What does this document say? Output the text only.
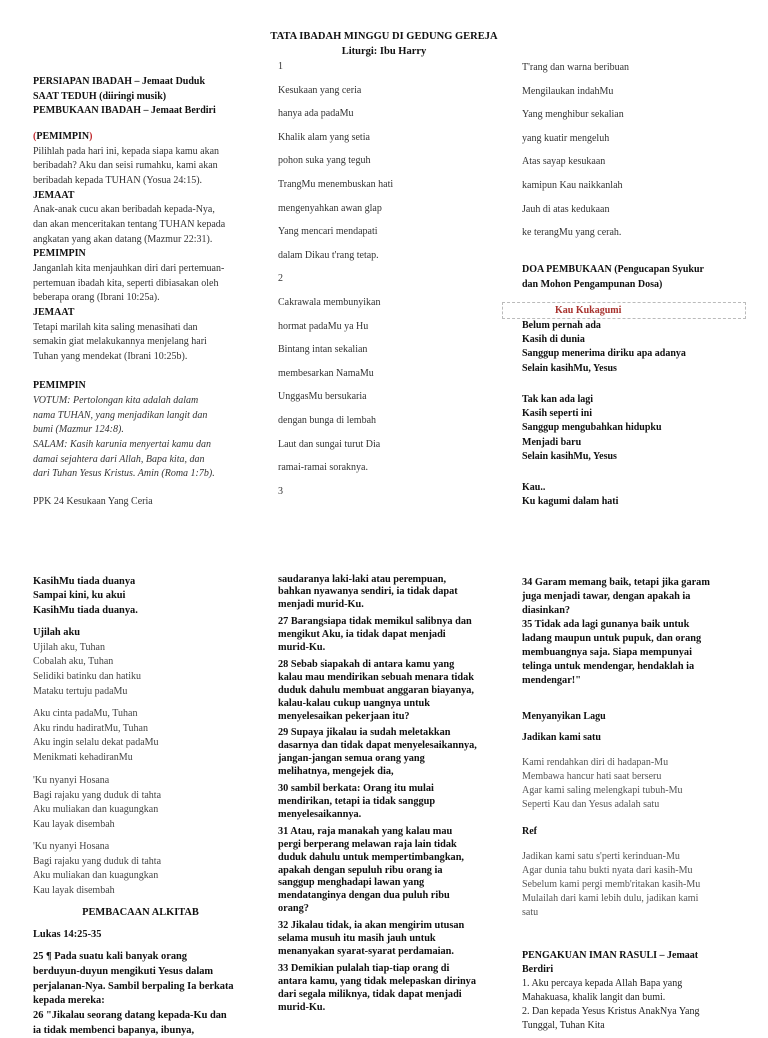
TATA IBADAH MINGGU DI GEDUNG GEREJA
Liturgi: Ibu Harry
PERSIAPAN IBADAH – Jemaat Duduk
SAAT TEDUH (diiringi musik)
PEMBUKAAN IBADAH – Jemaat Berdiri
(PEMIMPIN)
Pilihlah pada hari ini, kepada siapa kamu akan
beribadah? Aku dan seisi rumahku, kami akan
beribadah kepada TUHAN (Yosua 24:15).
JEMAAT
Anak-anak cucu akan beribadah kepada-Nya,
dan akan menceritakan tentang TUHAN kepada
angkatan yang akan datang (Mazmur 22:31).
PEMIMPIN
Janganlah kita menjauhkan diri dari pertemuan-
pertemuan ibadah kita, seperti dibiasakan oleh
beberapa orang (Ibrani 10:25a).
JEMAAT
Tetapi marilah kita saling menasihati dan
semakin giat melakukannya menjelang hari
Tuhan yang mendekat (Ibrani 10:25b).
PEMIMPIN
VOTUM: Pertolongan kita adalah dalam
nama TUHAN, yang menjadikan langit dan
bumi (Mazmur 124:8).
SALAM: Kasih karunia menyertai kamu dan
damai sejahtera dari Allah, Bapa kita, dan
dari Tuhan Yesus Kristus. Amin (Roma 1:7b).
PPK 24 Kesukaan Yang Ceria
1
Kesukaan yang ceria
hanya ada padaMu
Khalik alam yang setia
pohon suka yang teguh
TrangMu menembuskan hati
mengenyahkan awan glap
Yang mencari mendapati
dalam Dikau t'rang tetap.
2
Cakrawala membunyikan
hormat padaMu ya Hu
Bintang intan sekalian
membesarkan NamaMu
UnggasMu bersukaria
dengan bunga di lembah
Laut dan sungai turut Dia
ramai-ramai soraknya.
3
T'rang dan warna beribuan
Mengilaukan indahMu
Yang menghibur sekalian
yang kuatir mengeluh
Atas sayap kesukaan
kamipun Kau naikkanlah
Jauh di atas kedukaan
ke terangMu yang cerah.
DOA PEMBUKAAN (Pengucapan Syukur
dan Mohon Pengampunan Dosa)
Kau Kukagumi
Belum pernah ada
Kasih di dunia
Sanggup menerima diriku apa adanya
Selain kasihMu, Yesus
Tak kan ada lagi
Kasih seperti ini
Sanggup mengubahkan hidupku
Menjadi baru
Selain kasihMu, Yesus
Kau..
Ku kagumi dalam hati
KasihMu tiada duanya
Sampai kini, ku akui
KasihMu tiada duanya.
Ujilah aku
Ujilah aku, Tuhan
Cobalah aku, Tuhan
Selidiki batinku dan hatiku
Mataku tertuju padaMu
Aku cinta padaMu, Tuhan
Aku rindu hadiratMu, Tuhan
Aku ingin selalu dekat padaMu
Menikmati kehadiranMu
'Ku nyanyi Hosana
Bagi rajaku yang duduk di tahta
Aku muliakan dan kuagungkan
Kau layak disembah
'Ku nyanyi Hosana
Bagi rajaku yang duduk di tahta
Aku muliakan dan kuagungkan
Kau layak disembah
PEMBACAAN ALKITAB
Lukas 14:25-35
25 ¶ Pada suatu kali banyak orang
berduyun-duyun mengikuti Yesus dalam
perjalanan-Nya. Sambil berpaling Ia berkata
kepada mereka:
26 "Jikalau seorang datang kepada-Ku dan
ia tidak membenci bapanya, ibunya,
saudaranya laki-laki atau perempuan,
bahkan nyawanya sendiri, ia tidak dapat
menjadi murid-Ku.
27 Barangsiapa tidak memikul salibnya dan
mengikut Aku, ia tidak dapat menjadi
murid-Ku.
28 Sebab siapakah di antara kamu yang
kalau mau mendirikan sebuah menara tidak
duduk dahulu membuat anggaran biayanya,
kalau-kalau cukup uangnya untuk
menyelesaikan pekerjaan itu?
29 Supaya jikalau ia sudah meletakkan
dasarnya dan tidak dapat menyelesaikannya,
jangan-jangan semua orang yang
melihatnya, mengejek dia,
30 sambil berkata: Orang itu mulai
mendirikan, tetapi ia tidak sanggup
menyelesaikannya.
31 Atau, raja manakah yang kalau mau
pergi berperang melawan raja lain tidak
duduk dahulu untuk mempertimbangkan,
apakah dengan sepuluh ribu orang ia
sanggup menghadapi lawan yang
mendatanginya dengan dua puluh ribu
orang?
32 Jikalau tidak, ia akan mengirim utusan
selama musuh itu masih jauh untuk
menanyakan syarat-syarat perdamaian.
33 Demikian pulalah tiap-tiap orang di
antara kamu, yang tidak melepaskan dirinya
dari segala miliknya, tidak dapat menjadi
murid-Ku.
34 Garam memang baik, tetapi jika garam
juga menjadi tawar, dengan apakah ia
diasinkan?
35 Tidak ada lagi gunanya baik untuk
ladang maupun untuk pupuk, dan orang
membuangnya saja. Siapa mempunyai
telinga untuk mendengar, hendaklah ia
mendengar!"
Menyanyikan Lagu
Jadikan kami satu
Kami rendahkan diri di hadapan-Mu
Membawa hancur hati saat berseru
Agar kami saling melengkapi tubuh-Mu
Seperti Kau dan Yesus adalah satu
Ref
Jadikan kami satu s'perti kerinduan-Mu
Agar dunia tahu bukti nyata dari kasih-Mu
Sebelum kami pergi memb'ritakan kasih-Mu
Mulailah dari kami lebih dulu, jadikan kami
satu
PENGAKUAN IMAN RASULI – Jemaat
Berdiri
1. Aku percaya kepada Allah Bapa yang
Mahakuasa, khalik langit dan bumi.
2. Dan kepada Yesus Kristus AnakNya Yang
Tunggal, Tuhan Kita
